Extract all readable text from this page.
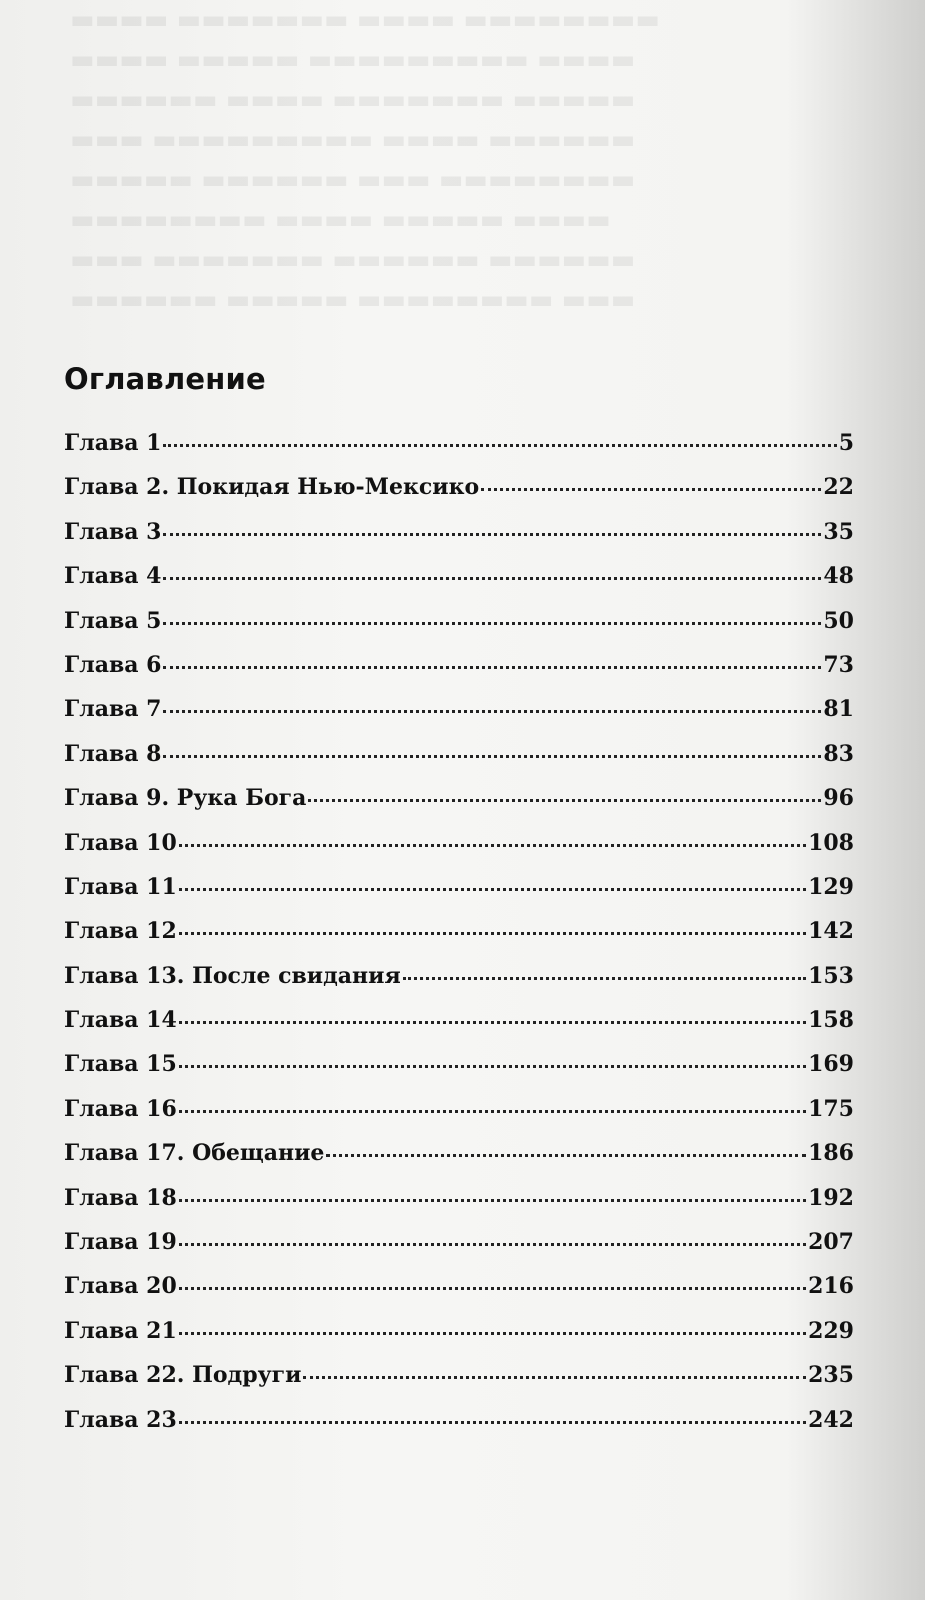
▬▬▬▬ ▬▬▬▬▬▬▬ ▬▬▬▬ ▬▬▬▬▬▬▬▬
▬▬▬▬ ▬▬▬▬▬ ▬▬▬▬▬▬▬▬▬ ▬▬▬▬
▬▬▬▬▬▬ ▬▬▬▬ ▬▬▬▬▬▬▬ ▬▬▬▬▬
▬▬▬ ▬▬▬▬▬▬▬▬▬ ▬▬▬▬ ▬▬▬▬▬▬
▬▬▬▬▬ ▬▬▬▬▬▬ ▬▬▬ ▬▬▬▬▬▬▬▬
▬▬▬▬▬▬▬▬ ▬▬▬▬ ▬▬▬▬▬ ▬▬▬▬
▬▬▬ ▬▬▬▬▬▬▬ ▬▬▬▬▬▬ ▬▬▬▬▬▬
▬▬▬▬▬▬ ▬▬▬▬▬ ▬▬▬▬▬▬▬▬ ▬▬▬
Оглавление
Глава 1	5
Глава 2. Покидая Нью-Мексико	22
Глава 3	35
Глава 4	48
Глава 5	50
Глава 6	73
Глава 7	81
Глава 8	83
Глава 9. Рука Бога	96
Глава 10	108
Глава 11	129
Глава 12	142
Глава 13. После свидания	153
Глава 14	158
Глава 15	169
Глава 16	175
Глава 17. Обещание	186
Глава 18	192
Глава 19	207
Глава 20	216
Глава 21	229
Глава 22. Подруги	235
Глава 23	242
